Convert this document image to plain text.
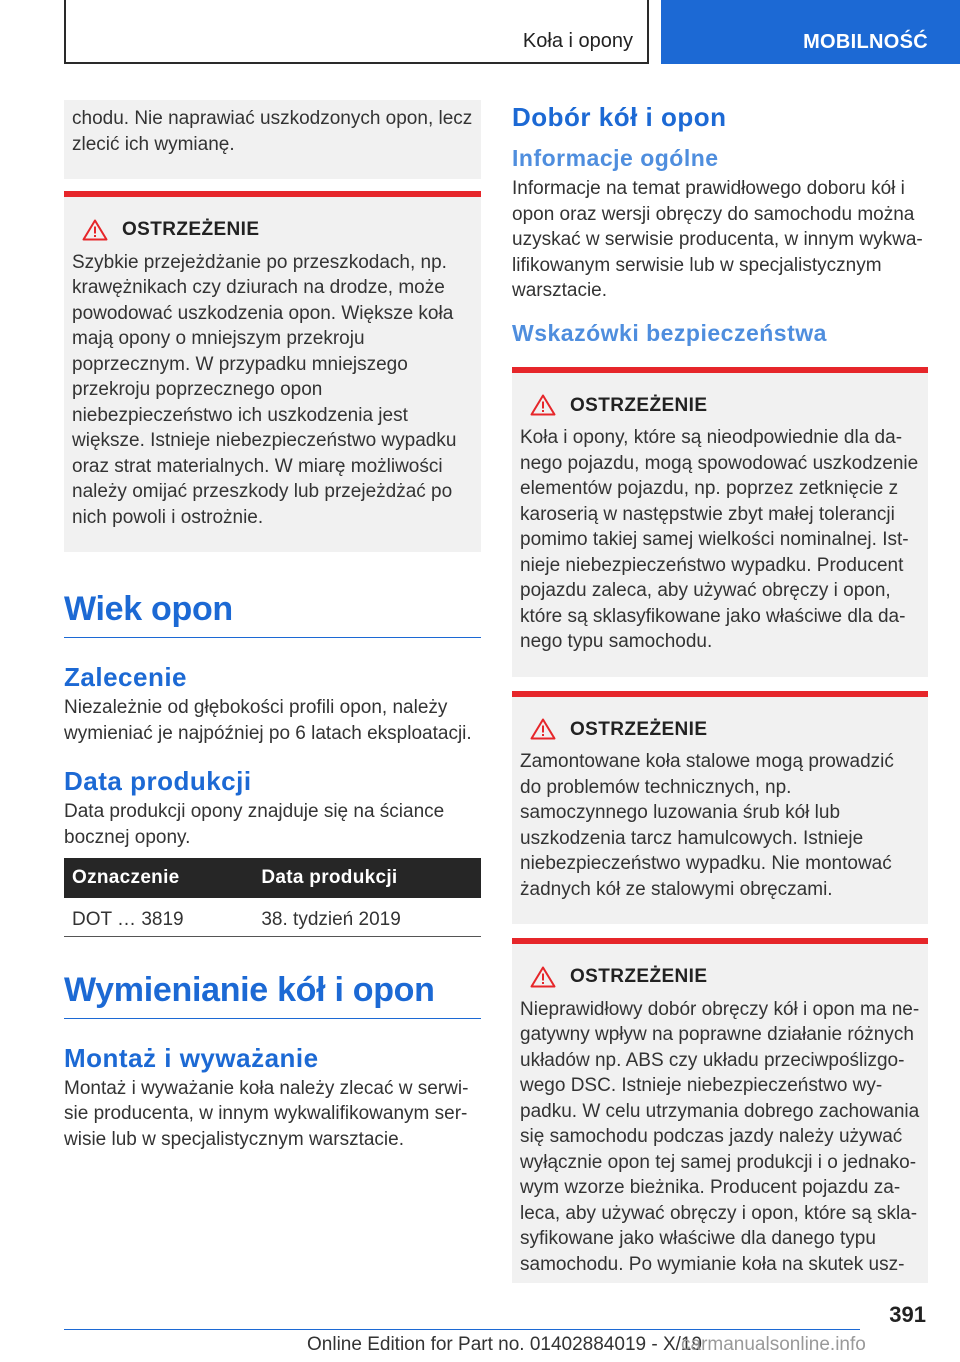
Koła i opony	MOBILNOŚĆ
chodu. Nie naprawiać uszkodzonych opon, lecz zlecić ich wymianę.
OSTRZEŻENIE
Szybkie przejeżdżanie po przeszkodach, np. krawężnikach czy dziurach na drodze, może powodować uszkodzenia opon. Większe koła mają opony o mniejszym przekroju poprzecznym. W przypadku mniejszego przekroju poprzecznego opon niebezpieczeństwo ich uszkodzenia jest większe. Istnieje niebezpieczeństwo wypadku oraz strat materialnych. W miarę możliwości należy omijać przeszkody lub przejeżdżać po nich powoli i ostrożnie.
Wiek opon
Zalecenie
Niezależnie od głębokości profili opon, należy wymieniać je najpóźniej po 6 latach eksploatacji.
Data produkcji
Data produkcji opony znajduje się na ściance bocznej opony.
Oznaczenie	Data produkcji
DOT … 3819	38. tydzień 2019
Wymienianie kół i opon
Montaż i wyważanie
Montaż i wyważanie koła należy zlecać w serwisie producenta, w innym wykwalifikowanym serwisie lub w specjalistycznym warsztacie.
Dobór kół i opon
Informacje ogólne
Informacje na temat prawidłowego doboru kół i opon oraz wersji obręczy do samochodu można uzyskać w serwisie producenta, w innym wykwalifikowanym serwisie lub w specjalistycznym warsztacie.
Wskazówki bezpieczeństwa
OSTRZEŻENIE
Koła i opony, które są nieodpowiednie dla danego pojazdu, mogą spowodować uszkodzenie elementów pojazdu, np. poprzez zetknięcie z karoserią w następstwie zbyt małej tolerancji pomimo takiej samej wielkości nominalnej. Istnieje niebezpieczeństwo wypadku. Producent pojazdu zaleca, aby używać obręczy i opon, które są sklasyfikowane jako właściwe dla danego typu samochodu.
OSTRZEŻENIE
Zamontowane koła stalowe mogą prowadzić do problemów technicznych, np. samoczynnego luzowania śrub kół lub uszkodzenia tarcz hamulcowych. Istnieje niebezpieczeństwo wypadku. Nie montować żadnych kół ze stalowymi obręczami.
OSTRZEŻENIE
Nieprawidłowy dobór obręczy kół i opon ma negatywny wpływ na poprawne działanie różnych układów np. ABS czy układu przeciwpoślizgowego DSC. Istnieje niebezpieczeństwo wypadku. W celu utrzymania dobrego zachowania się samochodu podczas jazdy należy używać wyłącznie opon tej samej produkcji i o jednakowym wzorze bieżnika. Producent pojazdu zaleca, aby używać obręczy i opon, które są sklasyfikowane jako właściwe dla danego typu samochodu. Po wymianie koła na skutek usz-
391
Online Edition for Part no. 01402884019 - X/19
carmanualsonline.info
